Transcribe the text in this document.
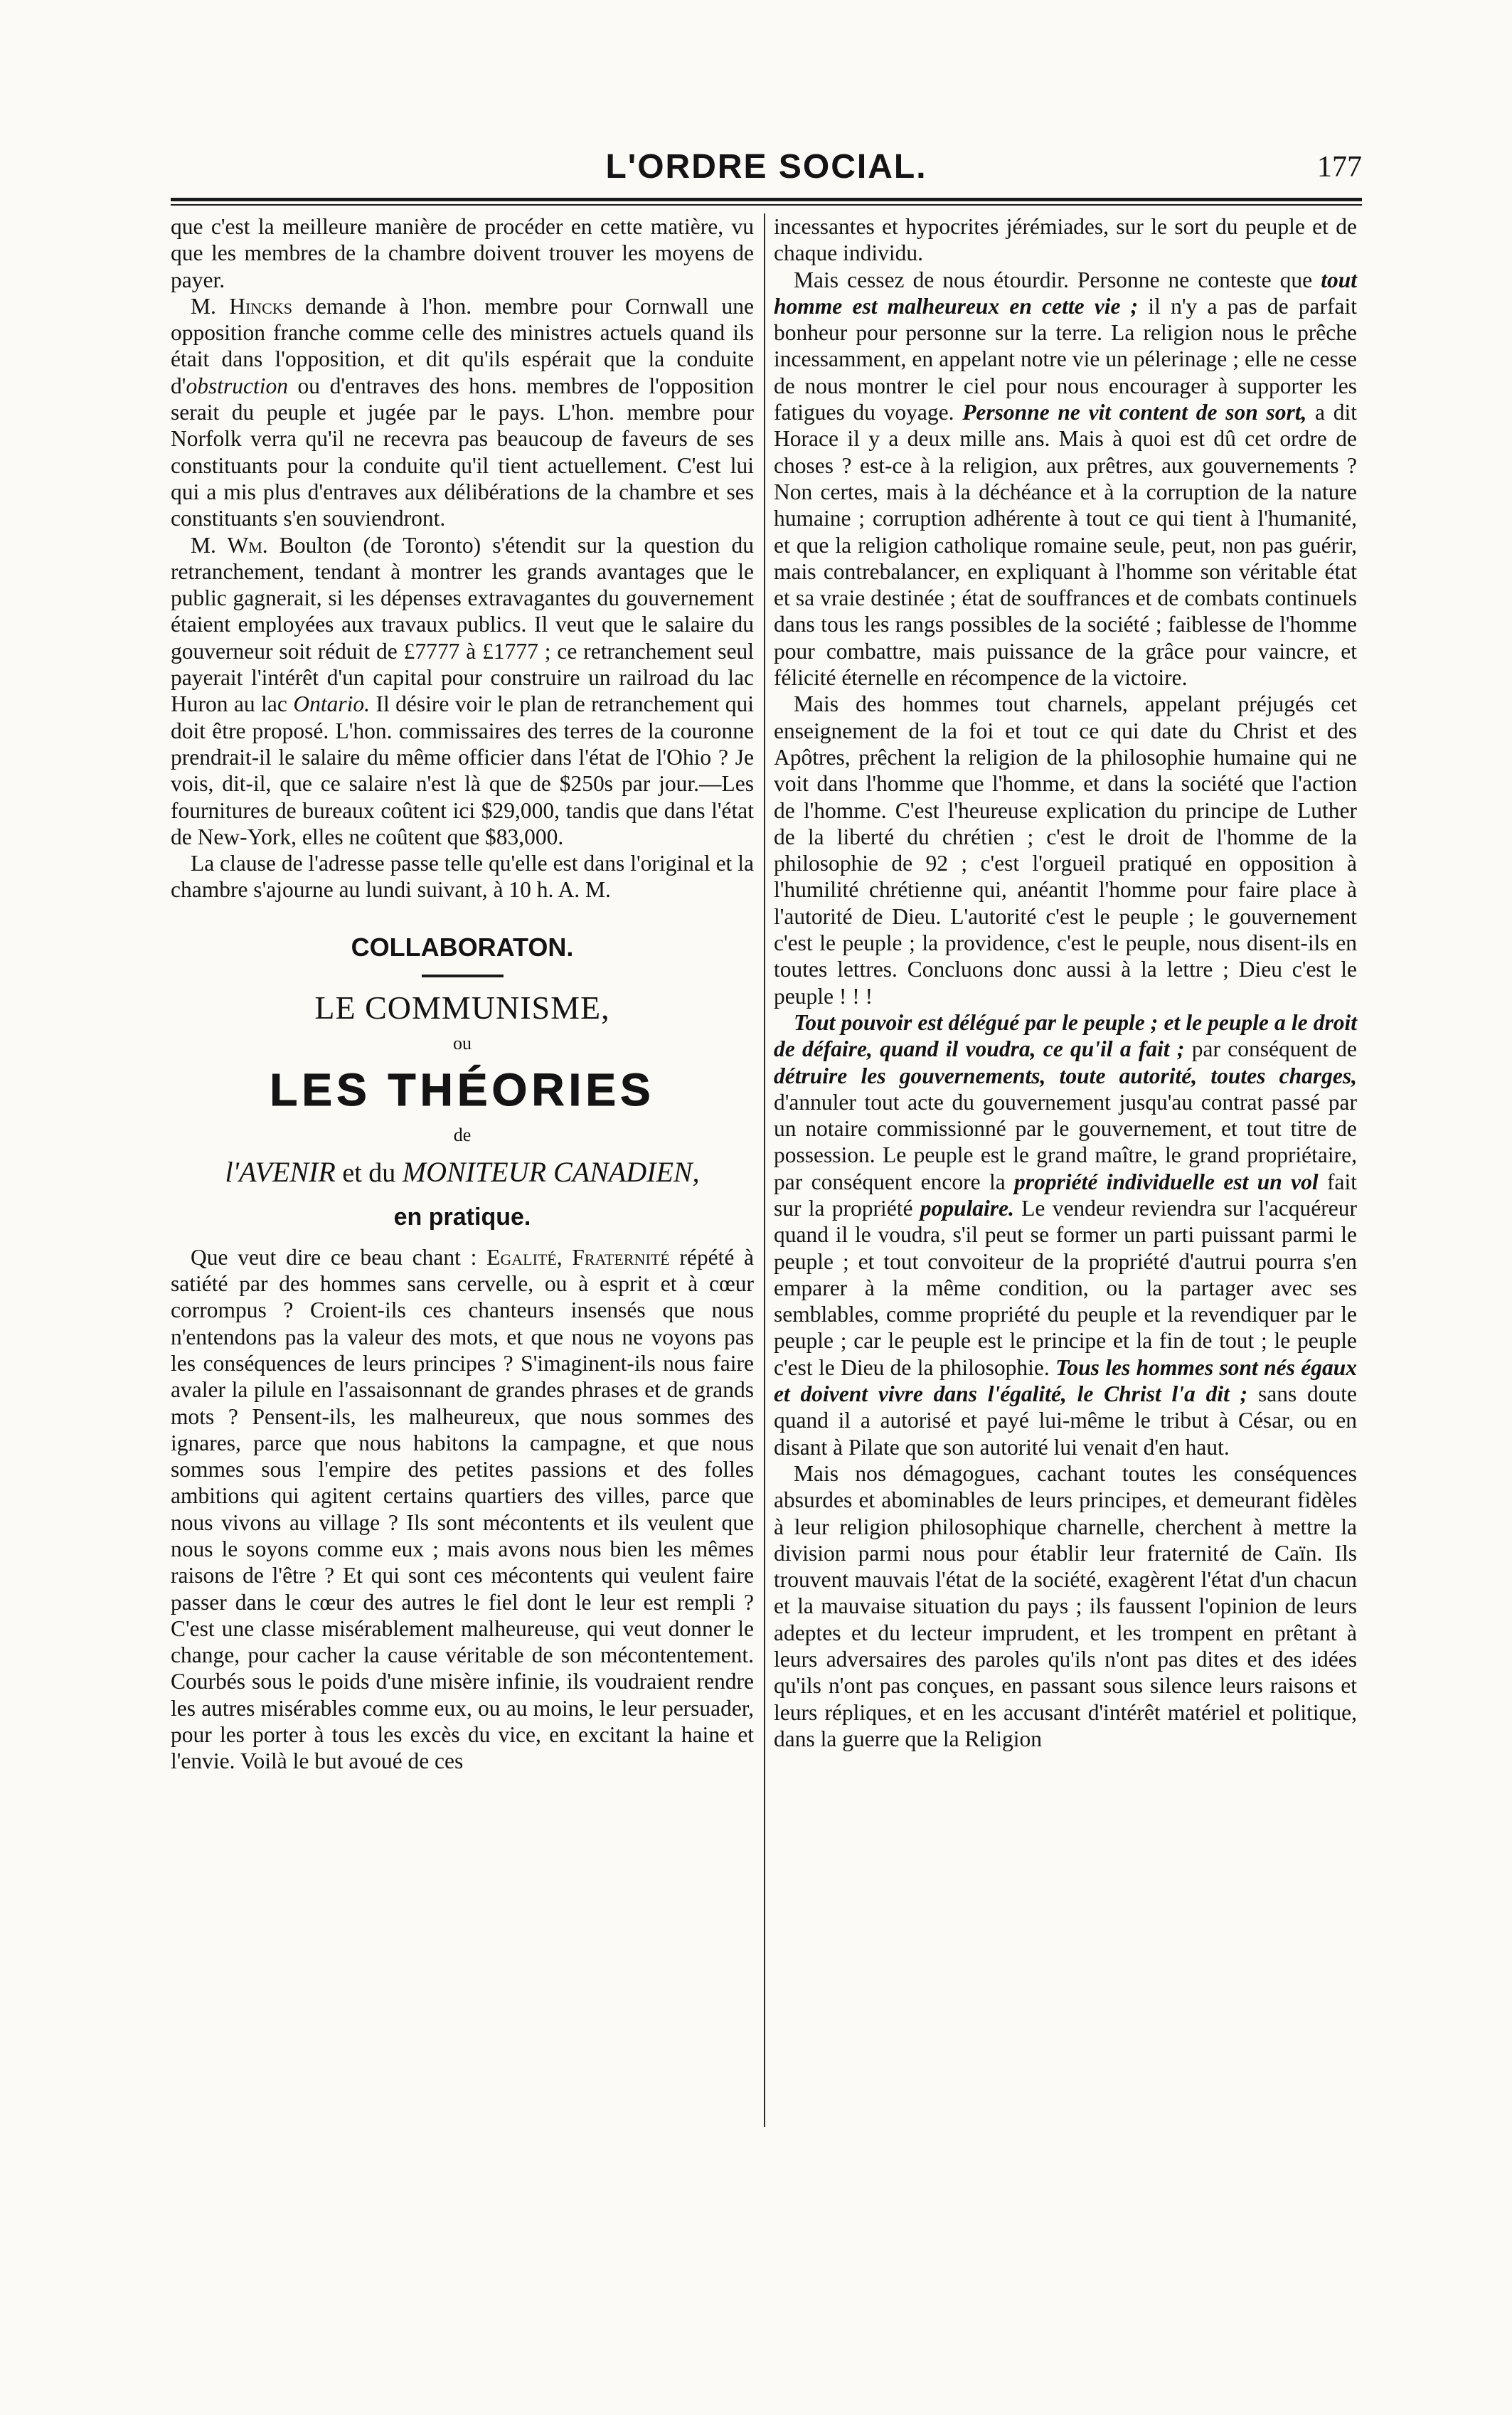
L'ORDRE SOCIAL.	177

que c'est la meilleure manière de procéder en cette matière, vu que les membres de la chambre doivent trouver les moyens de payer.

M. Hincks demande à l'hon. membre pour Cornwall une opposition franche comme celle des ministres actuels quand ils était dans l'opposition, et dit qu'ils espérait que la conduite d'obstruction ou d'entraves des hons. membres de l'opposition serait du peuple et jugée par le pays. L'hon. membre pour Norfolk verra qu'il ne recevra pas beaucoup de faveurs de ses constituants pour la conduite qu'il tient actuellement. C'est lui qui a mis plus d'entraves aux délibérations de la chambre et ses constituants s'en souviendront.

M. Wm. Boulton (de Toronto) s'étendit sur la question du retranchement, tendant à montrer les grands avantages que le public gagnerait, si les dépenses extravagantes du gouvernement étaient employées aux travaux publics. Il veut que le salaire du gouverneur soit réduit de £7777 à £1777 ; ce retranchement seul payerait l'intérêt d'un capital pour construire un railroad du lac Huron au lac Ontario. Il désire voir le plan de retranchement qui doit être proposé. L'hon. commissaires des terres de la couronne prendrait-il le salaire du même officier dans l'état de l'Ohio ? Je vois, dit-il, que ce salaire n'est là que de $250s par jour.—Les fournitures de bureaux coûtent ici $29,000, tandis que dans l'état de New-York, elles ne coûtent que $83,000.

La clause de l'adresse passe telle qu'elle est dans l'original et la chambre s'ajourne au lundi suivant, à 10 h. A. M.

COLLABORATON.
LE COMMUNISME,
ou
LES THÉORIES
de
l'AVENIR et du MONITEUR CANADIEN,
en pratique.

Que veut dire ce beau chant : Egalité, Fraternité répété à satiété par des hommes sans cervelle, ou à esprit et à cœur corrompus ? Croient-ils ces chanteurs insensés que nous n'entendons pas la valeur des mots, et que nous ne voyons pas les conséquences de leurs principes ? S'imaginent-ils nous faire avaler la pilule en l'assaisonnant de grandes phrases et de grands mots ? Pensent-ils, les malheureux, que nous sommes des ignares, parce que nous habitons la campagne, et que nous sommes sous l'empire des petites passions et des folles ambitions qui agitent certains quartiers des villes, parce que nous vivons au village ? Ils sont mécontents et ils veulent que nous le soyons comme eux ; mais avons nous bien les mêmes raisons de l'être ? Et qui sont ces mécontents qui veulent faire passer dans le cœur des autres le fiel dont le leur est rempli ? C'est une classe misérablement malheureuse, qui veut donner le change, pour cacher la cause véritable de son mécontentement. Courbés sous le poids d'une misère infinie, ils voudraient rendre les autres misérables comme eux, ou au moins, le leur persuader, pour les porter à tous les excès du vice, en excitant la haine et l'envie. Voilà le but avoué de ces

incessantes et hypocrites jérémiades, sur le sort du peuple et de chaque individu.

Mais cessez de nous étourdir. Personne ne conteste que tout homme est malheureux en cette vie ; il n'y a pas de parfait bonheur pour personne sur la terre. La religion nous le prêche incessamment, en appelant notre vie un pélerinage ; elle ne cesse de nous montrer le ciel pour nous encourager à supporter les fatigues du voyage. Personne ne vit content de son sort, a dit Horace il y a deux mille ans. Mais à quoi est dû cet ordre de choses ? est-ce à la religion, aux prêtres, aux gouvernements ? Non certes, mais à la déchéance et à la corruption de la nature humaine ; corruption adhérente à tout ce qui tient à l'humanité, et que la religion catholique romaine seule, peut, non pas guérir, mais contrebalancer, en expliquant à l'homme son véritable état et sa vraie destinée ; état de souffrances et de combats continuels dans tous les rangs possibles de la société ; faiblesse de l'homme pour combattre, mais puissance de la grâce pour vaincre, et félicité éternelle en récompence de la victoire.

Mais des hommes tout charnels, appelant préjugés cet enseignement de la foi et tout ce qui date du Christ et des Apôtres, prêchent la religion de la philosophie humaine qui ne voit dans l'homme que l'homme, et dans la société que l'action de l'homme. C'est l'heureuse explication du principe de Luther de la liberté du chrétien ; c'est le droit de l'homme de la philosophie de 92 ; c'est l'orgueil pratiqué en opposition à l'humilité chrétienne qui, anéantit l'homme pour faire place à l'autorité de Dieu. L'autorité c'est le peuple ; le gouvernement c'est le peuple ; la providence, c'est le peuple, nous disent-ils en toutes lettres. Concluons donc aussi à la lettre ; Dieu c'est le peuple ! ! !

Tout pouvoir est délégué par le peuple ; et le peuple a le droit de défaire, quand il voudra, ce qu'il a fait ; par conséquent de détruire les gouvernements, toute autorité, toutes charges, d'annuler tout acte du gouvernement jusqu'au contrat passé par un notaire commissionné par le gouvernement, et tout titre de possession. Le peuple est le grand maître, le grand propriétaire, par conséquent encore la propriété individuelle est un vol fait sur la propriété populaire. Le vendeur reviendra sur l'acquéreur quand il le voudra, s'il peut se former un parti puissant parmi le peuple ; et tout convoiteur de la propriété d'autrui pourra s'en emparer à la même condition, ou la partager avec ses semblables, comme propriété du peuple et la revendiquer par le peuple ; car le peuple est le principe et la fin de tout ; le peuple c'est le Dieu de la philosophie. Tous les hommes sont nés égaux et doivent vivre dans l'égalité, le Christ l'a dit ; sans doute quand il a autorisé et payé lui-même le tribut à César, ou en disant à Pilate que son autorité lui venait d'en haut.

Mais nos démagogues, cachant toutes les conséquences absurdes et abominables de leurs principes, et demeurant fidèles à leur religion philosophique charnelle, cherchent à mettre la division parmi nous pour établir leur fraternité de Caïn. Ils trouvent mauvais l'état de la société, exagèrent l'état d'un chacun et la mauvaise situation du pays ; ils faussent l'opinion de leurs adeptes et du lecteur imprudent, et les trompent en prêtant à leurs adversaires des paroles qu'ils n'ont pas dites et des idées qu'ils n'ont pas conçues, en passant sous silence leurs raisons et leurs répliques, et en les accusant d'intérêt matériel et politique, dans la guerre que la Religion
